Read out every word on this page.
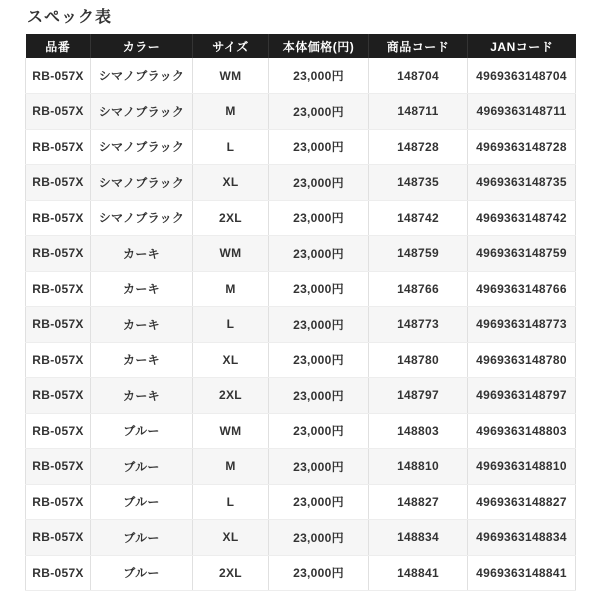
スペック表
品番	カラー	サイズ	本体価格(円)	商品コード	JANコード
RB-057X	シマノブラック	WM	23,000円	148704	4969363148704
RB-057X	シマノブラック	M	23,000円	148711	4969363148711
RB-057X	シマノブラック	L	23,000円	148728	4969363148728
RB-057X	シマノブラック	XL	23,000円	148735	4969363148735
RB-057X	シマノブラック	2XL	23,000円	148742	4969363148742
RB-057X	カーキ	WM	23,000円	148759	4969363148759
RB-057X	カーキ	M	23,000円	148766	4969363148766
RB-057X	カーキ	L	23,000円	148773	4969363148773
RB-057X	カーキ	XL	23,000円	148780	4969363148780
RB-057X	カーキ	2XL	23,000円	148797	4969363148797
RB-057X	ブルー	WM	23,000円	148803	4969363148803
RB-057X	ブルー	M	23,000円	148810	4969363148810
RB-057X	ブルー	L	23,000円	148827	4969363148827
RB-057X	ブルー	XL	23,000円	148834	4969363148834
RB-057X	ブルー	2XL	23,000円	148841	4969363148841
